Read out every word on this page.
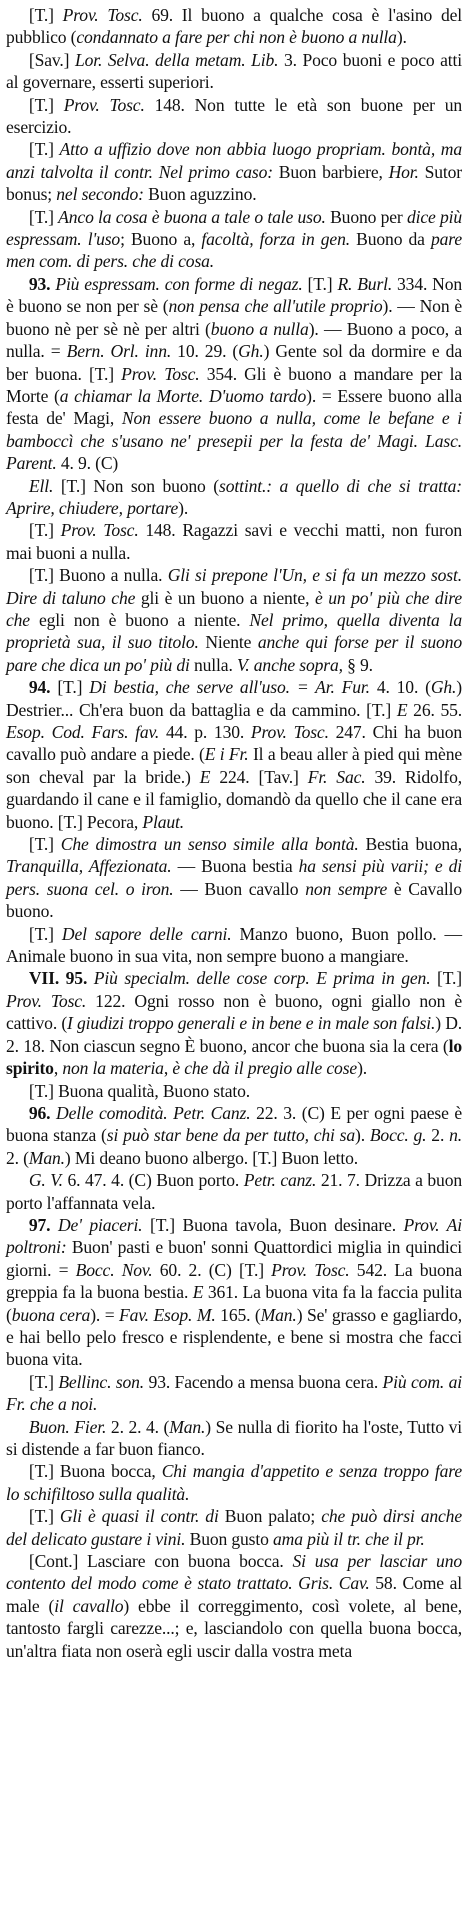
[T.] Prov. Tosc. 69. Il buono a qualche cosa è l'asino del pubblico (condannato a fare per chi non è buono a nulla).

[Sav.] Lor. Selva. della metam. Lib. 3. Poco buoni e poco atti al governare, esserti superiori.

[T.] Prov. Tosc. 148. Non tutte le età son buone per un esercizio.

[T.] Atto a uffizio dove non abbia luogo propriam. bontà, ma anzi talvolta il contr. Nel primo caso: Buon barbiere, Hor. Sutor bonus; nel secondo: Buon aguzzino.

[T.] Anco la cosa è buona a tale o tale uso. Buono per dice più espressam. l'uso; Buono a, facoltà, forza in gen. Buono da pare men com. di pers. che di cosa.

93. Più espressam. con forme di negaz. [T.] R. Burl. 334. Non è buono se non per sè (non pensa che all'utile proprio). — Non è buono nè per sè nè per altri (buono a nulla). — Buono a poco, a nulla. = Bern. Orl. inn. 10. 29. (Gh.) Gente sol da dormire e da ber buona. [T.] Prov. Tosc. 354. Gli è buono a mandare per la Morte (a chiamar la Morte. D'uomo tardo). = Essere buono alla festa de' Magi, Non essere buono a nulla, come le befane e i bamboccì che s'usano ne' presepii per la festa de' Magi. Lasc. Parent. 4. 9. (C)

Ell. [T.] Non son buono (sottint.: a quello di che si tratta: Aprire, chiudere, portare).

[T.] Prov. Tosc. 148. Ragazzi savi e vecchi matti, non furon mai buoni a nulla.

[T.] Buono a nulla. Gli si prepone l'Un, e si fa un mezzo sost. Dire di taluno che gli è un buono a niente, è un po' più che dire che egli non è buono a niente. Nel primo, quella diventa la proprietà sua, il suo titolo. Niente anche qui forse per il suono pare che dica un po' più di nulla. V. anche sopra, § 9.

94. [T.] Di bestia, che serve all'uso. = Ar. Fur. 4. 10. (Gh.) Destrier... Ch'era buon da battaglia e da cammino. [T.] E 26. 55. Esop. Cod. Fars. fav. 44. p. 130. Prov. Tosc. 247. Chi ha buon cavallo può andare a piede. (E i Fr. Il a beau aller à pied qui mène son cheval par la bride.) E 224. [Tav.] Fr. Sac. 39. Ridolfo, guardando il cane e il famiglio, domandò da quello che il cane era buono. [T.] Pecora, Plaut.

[T.] Che dimostra un senso simile alla bontà. Bestia buona, Tranquilla, Affezionata. — Buona bestia ha sensi più varii; e di pers. suona cel. o iron. — Buon cavallo non sempre è Cavallo buono.

[T.] Del sapore delle carni. Manzo buono, Buon pollo. — Animale buono in sua vita, non sempre buono a mangiare.

VII. 95. Più specialm. delle cose corp. E prima in gen. [T.] Prov. Tosc. 122. Ogni rosso non è buono, ogni giallo non è cattivo. (I giudizi troppo generali e in bene e in male son falsi.) D. 2. 18. Non ciascun segno È buono, ancor che buona sia la cera (lo spirito, non la materia, è che dà il pregio alle cose).

[T.] Buona qualità, Buono stato.

96. Delle comodità. Petr. Canz. 22. 3. (C) E per ogni paese è buona stanza (si può star bene da per tutto, chi sa). Bocc. g. 2. n. 2. (Man.) Mi deano buono albergo. [T.] Buon letto.

G. V. 6. 47. 4. (C) Buon porto. Petr. canz. 21. 7. Drizza a buon porto l'affannata vela.

97. De' piaceri. [T.] Buona tavola, Buon desinare. Prov. Ai poltroni: Buon' pasti e buon' sonni Quattordici miglia in quindici giorni. = Bocc. Nov. 60. 2. (C) [T.] Prov. Tosc. 542. La buona greppia fa la buona bestia. E 361. La buona vita fa la faccia pulita (buona cera). = Fav. Esop. M. 165. (Man.) Se' grasso e gagliardo, e hai bello pelo fresco e risplendente, e bene si mostra che facci buona vita.

[T.] Bellinc. son. 93. Facendo a mensa buona cera. Più com. ai Fr. che a noi.

Buon. Fier. 2. 2. 4. (Man.) Se nulla di fiorito ha l'oste, Tutto vi si distende a far buon fianco.

[T.] Buona bocca, Chi mangia d'appetito e senza troppo fare lo schifiltoso sulla qualità.

[T.] Gli è quasi il contr. di Buon palato; che può dirsi anche del delicato gustare i vini. Buon gusto ama più il tr. che il pr.

[Cont.] Lasciare con buona bocca. Si usa per lasciar uno contento del modo come è stato trattato. Gris. Cav. 58. Come al male (il cavallo) ebbe il correggimento, così volete, al bene, tantosto fargli carezze...; e, lasciandolo con quella buona bocca, un'altra fiata non oserà egli uscir dalla vostra meta
